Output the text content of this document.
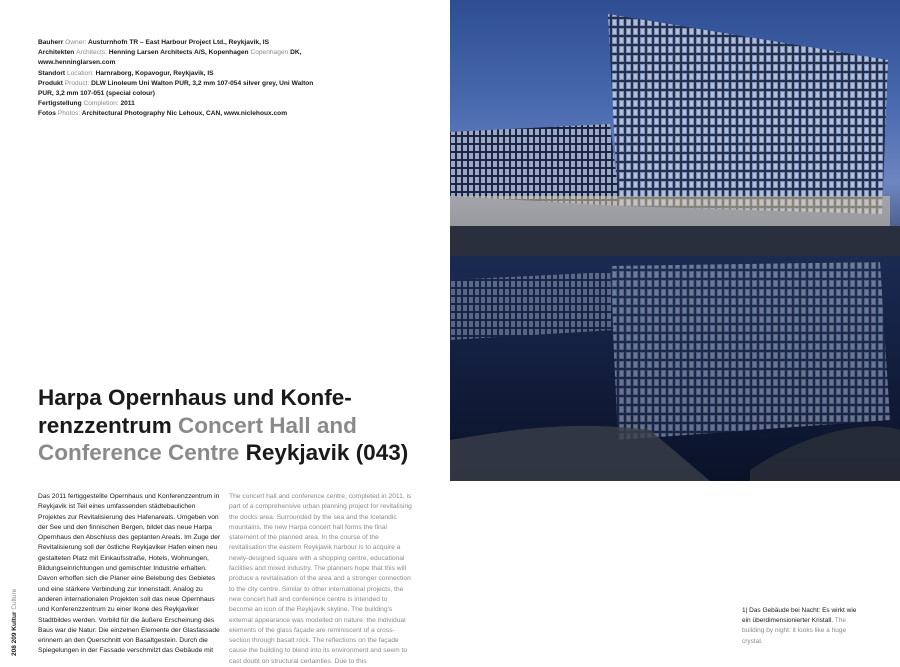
Bauherr Owner: Austurnhofn TR – East Harbour Project Ltd., Reykjavik, IS
Architekten Architects: Henning Larsen Architects A/S, Kopenhagen Copenhagen DK, www.henninglarsen.com
Standort Location: Harnraborg, Kopavogur, Reykjavik, IS
Produkt Product: DLW Linoleum Uni Walton PUR, 3,2 mm 107-054 silver grey, Uni Walton PUR, 3,2 mm 107-051 (special colour)
Fertigstellung Completion: 2011
Fotos Photos: Architectural Photography Nic Lehoux, CAN, www.niclehoux.com
Harpa Opernhaus und Konfe-renzzentrum Concert Hall and Conference Centre Reykjavik (043)

Das 2011 fertiggestellte Opernhaus und Konferenzzentrum in Reykjavik ist Teil eines umfassenden städtebaulichen Projektes zur Revitalisierung des Hafenareals. Umgeben von der See und den finnischen Bergen, bildet das neue Harpa Opernhaus den Abschluss des geplanten Areals. Im Zuge der Revitalisierung soll der östliche Reykjaviker Hafen einen neu gestalteten Platz mit Einkaufsstraße, Hotels, Wohnungen, Bildungseinrichtungen und gemischter Industrie erhalten. Davon erhoffen sich die Planer eine Belebung des Gebietes und eine stärkere Verbindung zur Innenstadt. Analog zu anderen internationalen Projekten soll das neue Opernhaus und Konferenzzentrum zu einer Ikone des Reykjaviker Stadtbildes werden. Vorbild für die äußere Erscheinung des Baus war die Natur: Die einzelnen Elemente der Glasfassade erinnern an den Querschnitt von Basaltgestein. Durch die Spiegelungen in der Fassade verschmilzt das Gebäude mit

The concert hall and conference centre, completed in 2011, is part of a comprehensive urban planning project for revitalising the docks area. Surrounded by the sea and the Icelandic mountains, the new Harpa concert hall forms the final statement of the planned area. In the course of the revitalisation the eastern Reykjavik harbour is to acquire a newly-designed square with a shopping centre, educational facilities and mixed industry. The planners hope that this will produce a revitalisation of the area and a stronger connection to the city centre. Similar to other international projects, the new concert hall and conference centre is intended to become an icon of the Reykjavik skyline. The building's external appearance was modelled on nature: the individual elements of the glass façade are reminiscent of a cross-section through basalt rock. The reflections on the façade cause the building to blend into its environment and seem to cast doubt on structural certainties. Due to this

1| Das Gebäude bei Nacht: Es wirkt wie ein überdimensionierter Kristall. The building by night: it looks like a huge crystal.
208 209 Kultur Culture
